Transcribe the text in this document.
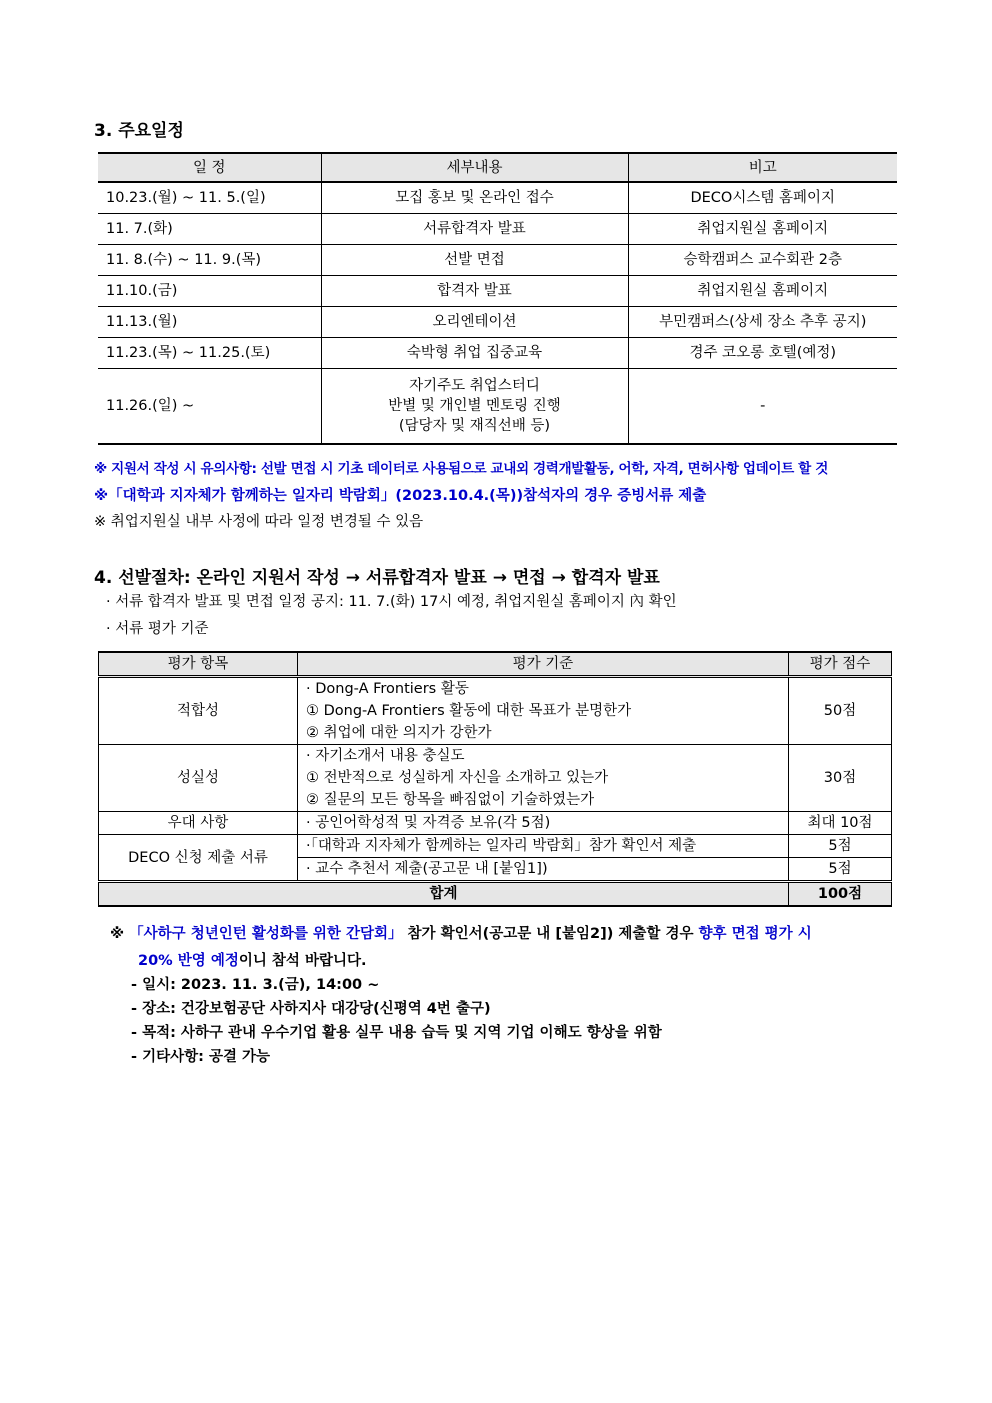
3. 주요일정
일 정	세부내용	비고
10.23.(월) ~ 11. 5.(일)	모집 홍보 및 온라인 접수	DECO시스템 홈페이지
11. 7.(화)	서류합격자 발표	취업지원실 홈페이지
11. 8.(수) ~ 11. 9.(목)	선발 면접	승학캠퍼스 교수회관 2층
11.10.(금)	합격자 발표	취업지원실 홈페이지
11.13.(월)	오리엔테이션	부민캠퍼스(상세 장소 추후 공지)
11.23.(목) ~ 11.25.(토)	숙박형 취업 집중교육	경주 코오롱 호텔(예정)
11.26.(일) ~	자기주도 취업스터디
반별 및 개인별 멘토링 진행
(담당자 및 재직선배 등)	-
※ 지원서 작성 시 유의사항: 선발 면접 시 기초 데이터로 사용됨으로 교내외 경력개발활동, 어학, 자격, 면허사항 업데이트 할 것
※「대학과 지자체가 함께하는 일자리 박람회」(2023.10.4.(목))참석자의 경우 증빙서류 제출
※ 취업지원실 내부 사정에 따라 일정 변경될 수 있음
4. 선발절차: 온라인 지원서 작성 → 서류합격자 발표 → 면접 → 합격자 발표
· 서류 합격자 발표 및 면접 일정 공지: 11. 7.(화) 17시 예정, 취업지원실 홈페이지 內 확인
· 서류 평가 기준
평가 항목	평가 기준	평가 점수
적합성	· Dong-A Frontiers 활동
① Dong-A Frontiers 활동에 대한 목표가 분명한가
② 취업에 대한 의지가 강한가	50점
성실성	· 자기소개서 내용 충실도
① 전반적으로 성실하게 자신을 소개하고 있는가
② 질문의 모든 항목을 빠짐없이 기술하였는가	30점
우대 사항	· 공인어학성적 및 자격증 보유(각 5점)	최대 10점
DECO 신청 제출 서류	·「대학과 지자체가 함께하는 일자리 박람회」참가 확인서 제출	5점
	· 교수 추천서 제출(공고문 내 [붙임1])	5점
합계		100점
※ 「사하구 청년인턴 활성화를 위한 간담회」 참가 확인서(공고문 내 [붙임2]) 제출할 경우 향후 면접 평가 시
20% 반영 예정이니 참석 바랍니다.
- 일시: 2023. 11. 3.(금), 14:00 ~
- 장소: 건강보험공단 사하지사 대강당(신평역 4번 출구)
- 목적: 사하구 관내 우수기업 활용 실무 내용 습득 및 지역 기업 이해도 향상을 위함
- 기타사항: 공결 가능
